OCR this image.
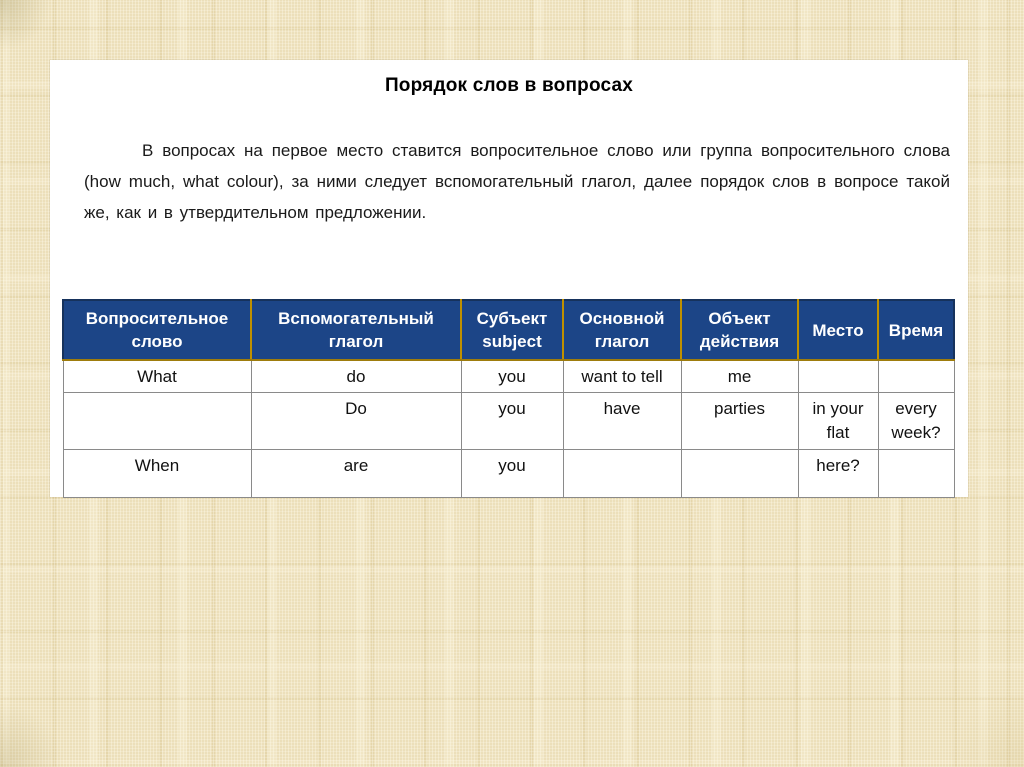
Порядок слов в вопросах

В вопросах на первое место ставится вопросительное слово или группа вопросительного слова (how much, what colour), за ними следует вспомогательный глагол, далее порядок слов в вопросе такой же, как и в утвердительном предложении.

Вопросительное слово	Вспомогательный глагол	Субъект subject	Основной глагол	Объект действия	Место	Время
What	do	you	want to tell	me		
	Do	you	have	parties	in your flat	every week?
When	are	you			here?	
